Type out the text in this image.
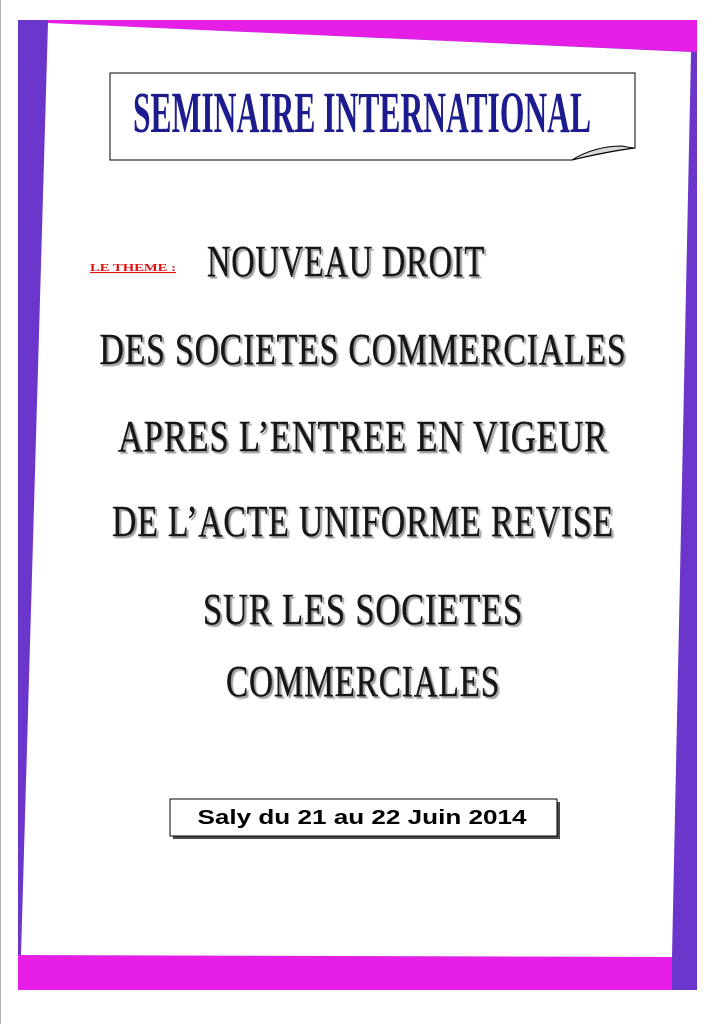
SEMINAIRE INTERNATIONAL
LE THEME : NOUVEAU DROIT
DES SOCIETES COMMERCIALES
APRES L’ENTREE EN VIGEUR
DE L’ACTE UNIFORME REVISE
SUR LES SOCIETES
COMMERCIALES
Saly du 21 au 22 Juin 2014
